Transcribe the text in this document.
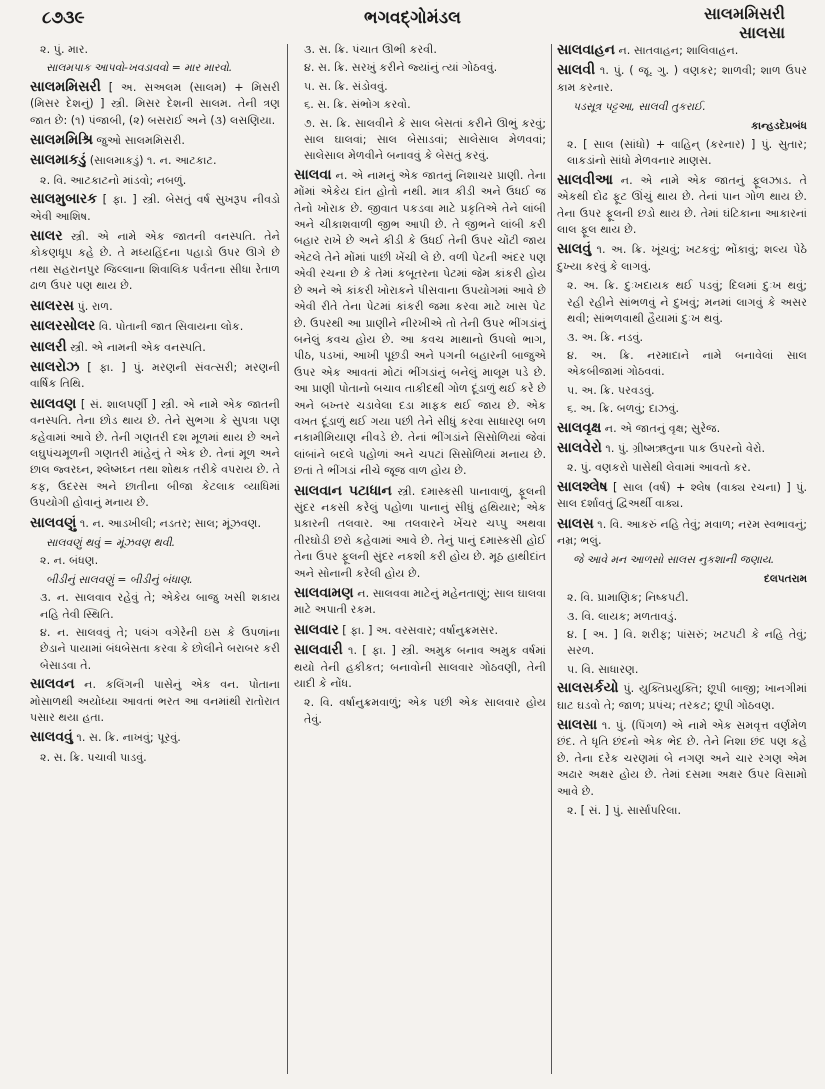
૮૭૩૯	ભગવદ્ગોમંડલ	સાલમમિસરી
સાલસા
૨. પું. માર.
સાલમપાક આપવો-ખવડાવવો = માર મારવો.
સાલમમિસરી [ અ. સઅલમ (સાલમ) + મિસરી (મિસર દેશનું) ] સ્ત્રી. મિસર દેશની સાલમ. તેની ત્રણ જાત છે: (૧) પંજાબી, (૨) બસરાઈ અને (૩) લસણિયા.
સાલમમિશ્રિ જુઓ સાલમમિસરી.
સાલમાકડું (સાલમાકડું) ૧. ન. આટકાટ.
૨. વિ. આટકાટનો માંડવો; નબળું.
સાલમુબારક [ ફા. ] સ્ત્રી. બેસતું વર્ષ સુખરૂપ નીવડો એવી આશિષ.
સાલર સ્ત્રી. એ નામે એક જાતની વનસ્પતિ. તેને કોકણધૂપ કહે છે. તે મધ્યહિંદના પહાડો ઉપર ઊગે છે તથા સહરાનપુર જિલ્લાના શિવાલિક પર્વતના સીધા રેતાળ ઢાળ ઉપર પણ થાય છે.
સાલરસ પું. રાળ.
સાલરસોલર વિ. પોતાની જાત સિવાયના લોક.
સાલરી સ્ત્રી. એ નામની એક વનસ્પતિ.
સાલરોઝ [ ફા. ] પું. મરણની સંવત્સરી; મરણની વાર્ષિક તિથિ.
સાલવણ [ સં. શાલપર્ણી ] સ્ત્રી. એ નામે એક જાતની વનસ્પતિ. તેના છોડ થાય છે. તેને સુભગા કે સુપત્રા પણ કહેવામાં આવે છે. તેની ગણતરી દશ મૂળમાં થાય છે અને લઘુપંચમૂળની ગણતરી માંહેનું તે એક છે. તેનાં મૂળ અને છાલ જ્વરઘ્ન, શ્લેષ્મઘ્ન તથા શોથક તરીકે વપરાય છે. તે કફ, ઉદરસ અને છાતીના બીજા કેટલાક વ્યાધિમાં ઉપયોગી હોવાનું મનાય છે.
સાલવણું ૧. ન. આડખીલી; નડતર; સાલ; મૂંઝવણ.
સાલવણું થવું = મૂંઝવણ થવી.
૨. ન. બંધણ.
બીડીનું સાલવણું = બીડીનું બંધાણ.
૩. ન. સાલવાવ રહેવું તે; એકેય બાજુ ખસી શકાય નહિ તેવી સ્થિતિ.
૪. ન. સાલવવું તે; પલંગ વગેરેની ઇસ કે ઉપળાંના છેડાને પાયામાં બંધબેસતા કરવા કે છોલીને બરાબર કરી બેસાડવા તે.
સાલવન ન. કલિંગની પાસેનું એક વન. પોતાના મોસાળથી અયોધ્યા આવતાં ભરત આ વનમાંથી રાતોરાત પસાર થયા હતા.
સાલવવું ૧. સ. ક્રિ. નાખવું; પૂરવું.
૨. સ. ક્રિ. પચાવી પાડવું.
૩. સ. ક્રિ. પંચાત ઊભી કરવી.
૪. સ. ક્રિ. સરખું કરીને જ્યાંનું ત્યાં ગોઠવવું.
૫. સ. ક્રિ. સંડોવવું.
૬. સ. ક્રિ. સંભોગ કરવો.
૭. સ. ક્રિ. સાલવીને કે સાલ બેસતાં કરીને ઊભું કરવું; સાલ ઘાલવાં; સાલ બેસાડવાં; સાલેસાલ મેળવવાં; સાલેસાલ મેળવીને બનાવવું કે બેસતું કરવું.
સાલવા ન. એ નામનું એક જાતનું નિશાચર પ્રાણી. તેના મોંમાં એકેય દાંત હોતો નથી. માત્ર કીડી અને ઉધઈ જ તેનો ખોરાક છે. જીવાત પકડવા માટે પ્રકૃતિએ તેને લાંબી અને ચીકાશવાળી જીભ આપી છે. તે જીભને લાંબી કરી બહાર રાખે છે અને કીડી કે ઉધઈ તેની ઉપર ચોંટી જાય એટલે તેને મોંમાં પાછી ખેંચી લે છે. વળી પેટની અંદર પણ એવી રચના છે કે તેમાં કબૂતરના પેટમાં જેમ કાંકરી હોય છે અને એ કાંકરી ખોરાકને પીસવાના ઉપયોગમાં આવે છે એવી રીતે તેના પેટમાં કાંકરી જમા કરવા માટે ખાસ પેટ છે. ઉપરથી આ પ્રાણીને નીરખીએ તો તેની ઉપર ભીંગડાંનું બનેલું કવચ હોય છે. આ કવચ માથાનો ઉપલો ભાગ, પીઠ, પડખાં, આખી પૂછડી અને પગની બહારની બાજુએ ઉપર એક આવતાં મોટાં ભીંગડાંનું બનેલું માલૂમ પડે છે. આ પ્રાણી પોતાનો બચાવ તાકીદથી ગોળ દૂંડાળું થઈ કરે છે અને બખ્તર ચડાવેલા દડા માફક થઈ જાય છે. એક વખત દૂંડાળું થઈ ગયા પછી તેને સીધું કરવા સાધારણ બળ નકામીમિયાણ નીવડે છે. તેનાં ભીંગડાંને સિસોળિયાં જેવાં લાંબાંને બદલે પહોળાં અને ચપટાં સિસોળિયાં મનાય છે. છતાં તે ભીંગડાં નીચે જૂજ વાળ હોય છે.
સાલવાન પટાધાન સ્ત્રી. દમાસ્કસી પાનાવાળું, ફૂલની સુંદર નકસી કરેલું પહોળા પાનાનું સીધું હથિયાર; એક પ્રકારની તલવાર. આ તલવારને ખેંચર ચપ્પુ અથવા તીરઘોડી છરો કહેવામાં આવે છે. તેનું પાનું દમાસ્કસી હોઈ તેના ઉપર ફૂલની સુંદર નકશી કરી હોય છે. મૂઠ હાથીદાંત અને સોનાની કરેલી હોય છે.
સાલવામણ ન. સાલવવા માટેનું મહેનતાણું; સાલ ઘાલવા માટે અપાતી રકમ.
સાલવાર [ ફા. ] અ. વરસવાર; વર્ષાનુક્રમસર.
સાલવારી ૧. [ ફા. ] સ્ત્રી. અમુક બનાવ અમુક વર્ષમાં થયો તેની હકીકત; બનાવોની સાલવાર ગોઠવણી, તેની યાદી કે નોંધ.
૨. વિ. વર્ષાનુક્રમવાળું; એક પછી એક સાલવાર હોય તેવું.
સાલવાહન ન. સાતવાહન; શાલિવાહન.
સાલવી ૧. પું. ( જૂ. ગુ. ) વણકર; શાળવી; શાળ ઉપર કામ કરનાર.
પડસૂત્ર પટ્ટઆ, સાલવી તુકરાઈ.
કાન્હડદેપ્રબંધ
૨. [ સાલ (સાંધો) + વાહિન્ (કરનાર) ] પું. સુતાર; લાકડાંનો સાંધો મેળવનાર માણસ.
સાલવીઆ ન. એ નામે એક જાતનું ફૂલઝાડ. તે એકથી દોઢ ફૂટ ઊંચું થાય છે. તેનાં પાન ગોળ થાય છે. તેના ઉપર ફૂલની છડો થાય છે. તેમાં ઘંટિકાના આકારનાં લાલ ફૂલ થાય છે.
સાલવું ૧. અ. ક્રિ. ખૂંચવું; ખટકવું; ભોંકાવું; શલ્ય પેઠે દુખ્યા કરવું કે લાગવું.
૨. અ. ક્રિ. દુઃખદાયક થઈ પડવું; દિલમાં દુઃખ થવું; રહી રહીને સાંભળવું ને દુખવું; મનમાં લાગવું કે અસર થવી; સાંભળવાથી હૈયામાં દુઃખ થવું.
૩. અ. ક્રિ. નડવું.
૪. અ. ક્રિ. નરમાદાને નામે બનાવેલાં સાલ એકબીજામાં ગોઠવવાં.
૫. અ. ક્રિ. પરવડવું.
૬. અ. ક્રિ. બળવું; દાઝવું.
સાલવૃક્ષ ન. એ જાતનું વૃક્ષ; સુરેજ.
સાલવેરો ૧. પું. ગ્રીષ્મઋતુના પાક ઉપરનો વેરો.
૨. પું. વણકરો પાસેથી લેવામાં આવતો કર.
સાલશ્લેષ [ સાલ (વર્ષ) + શ્લેષ (વાક્ય રચના) ] પું. સાલ દર્શાવતું દ્વિઅર્થી વાક્ય.
સાલસ ૧. વિ. આકરું નહિ તેવું; મવાળ; નરમ સ્વભાવનું; નમ્ર; ભલું.
જે આવે મન આળસો સાલસ નુકશાની જણાય.
દલપતરામ
૨. વિ. પ્રામાણિક; નિષ્કપટી.
૩. વિ. લાયક; મળતાવડું.
૪. [ અ. ] વિ. શરીફ; પાંસરું; ખટપટી કે નહિ તેવું; સરળ.
૫. વિ. સાધારણ.
સાલસર્કયો પું. યુક્તિપ્રયુક્તિ; છૂપી બાજી; ખાનગીમાં ઘાટ ઘડવો તે; જાળ; પ્રપંચ; તરકટ; છૂપી ગોઠવણ.
સાલસા ૧. પું. (પિંગળ) એ નામે એક સમવૃત્ત વર્ણમેળ છંદ. તે ધૃતિ છંદનો એક ભેદ છે. તેને નિશા છંદ પણ કહે છે. તેના દરેક ચરણમાં બે નગણ અને ચાર રગણ એમ અઢાર અક્ષર હોય છે. તેમાં દસમા અક્ષર ઉપર વિસામો આવે છે.
૨. [ સં. ] પું. સાર્સાપરિલા.
